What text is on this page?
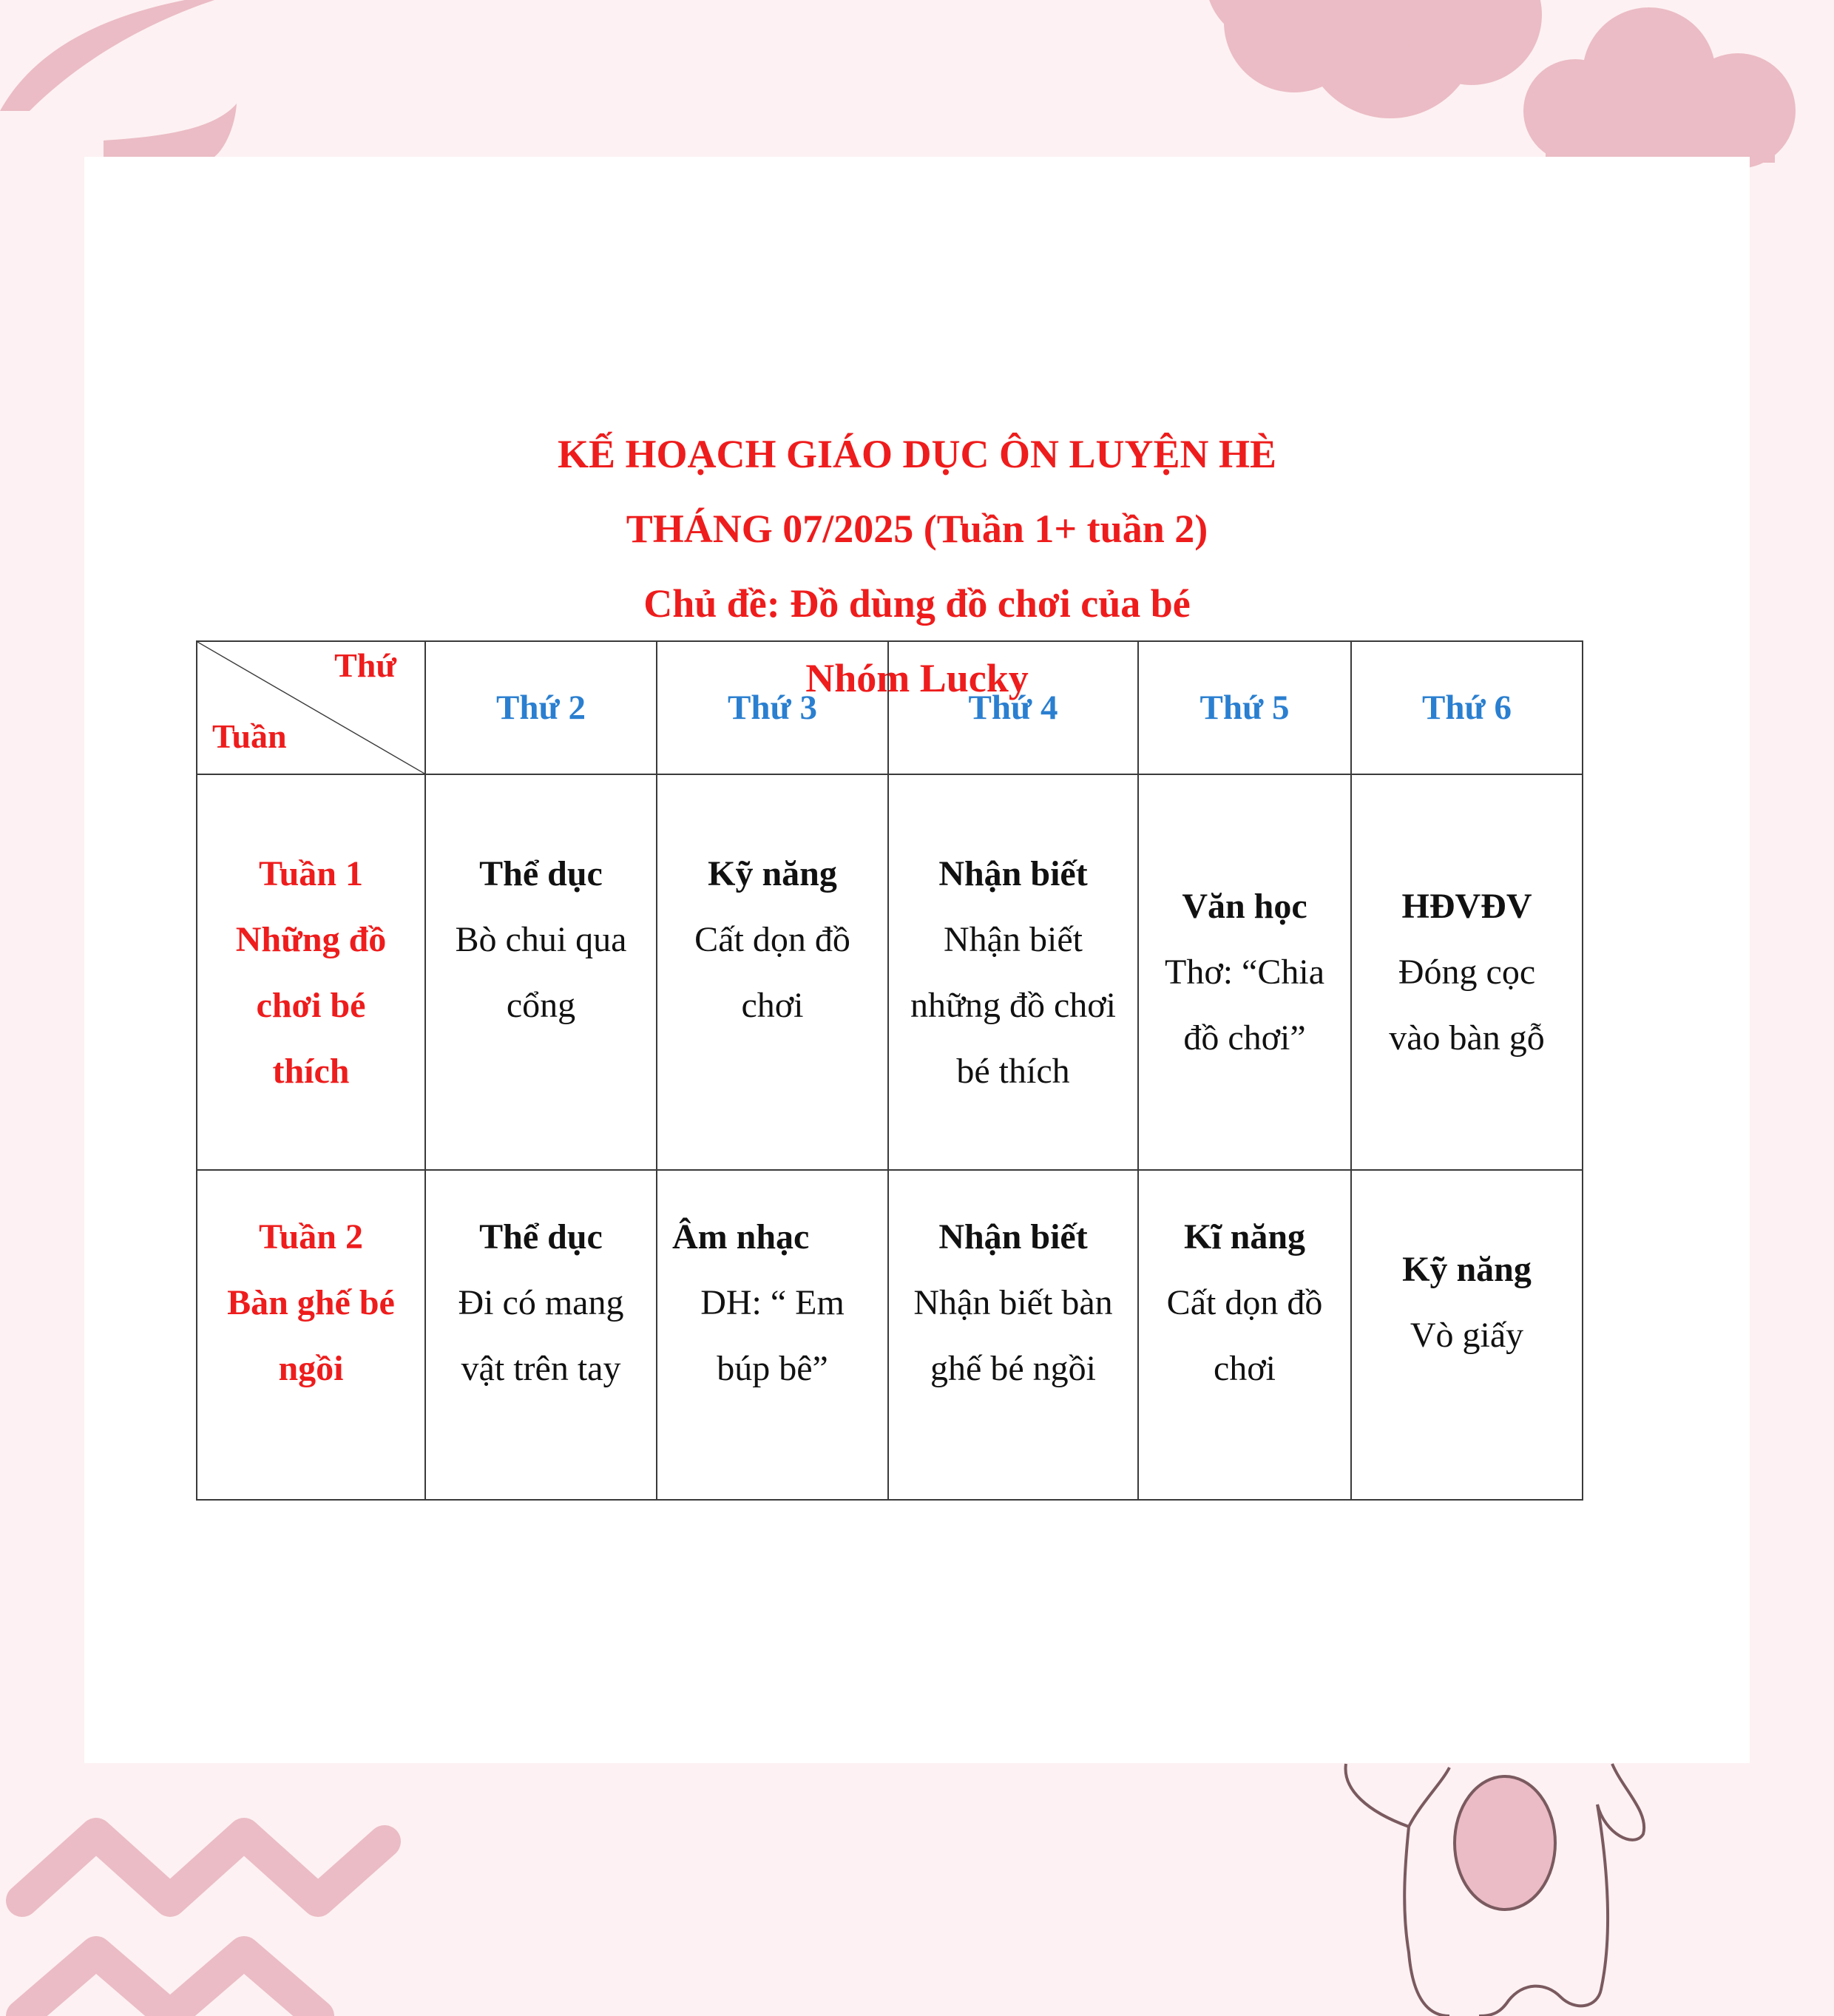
KẾ HOẠCH GIÁO DỤC ÔN LUYỆN HÈ
THÁNG 07/2025 (Tuần 1+ tuần 2)
Chủ đề: Đồ dùng đồ chơi của bé
Nhóm Lucky
Thứ
Tuần	Thứ 2	Thứ 3	Thứ 4	Thứ 5	Thứ 6

Tuần 1
Những đồ
chơi bé
thích	Thể dục
Bò chui qua
cổng	Kỹ năng
Cất dọn đồ
chơi	Nhận biết
Nhận biết
những đồ chơi
bé thích	Văn học
Thơ: “Chia
đồ chơi”	HĐVĐV
Đóng cọc
vào bàn gỗ

Tuần 2
Bàn ghế bé
ngồi	Thể dục
Đi có mang
vật trên tay	Âm nhạc
DH: “ Em
búp bê”	Nhận biết
Nhận biết bàn
ghế bé ngồi	Kĩ năng
Cất dọn đồ
chơi	Kỹ năng
Vò giấy
